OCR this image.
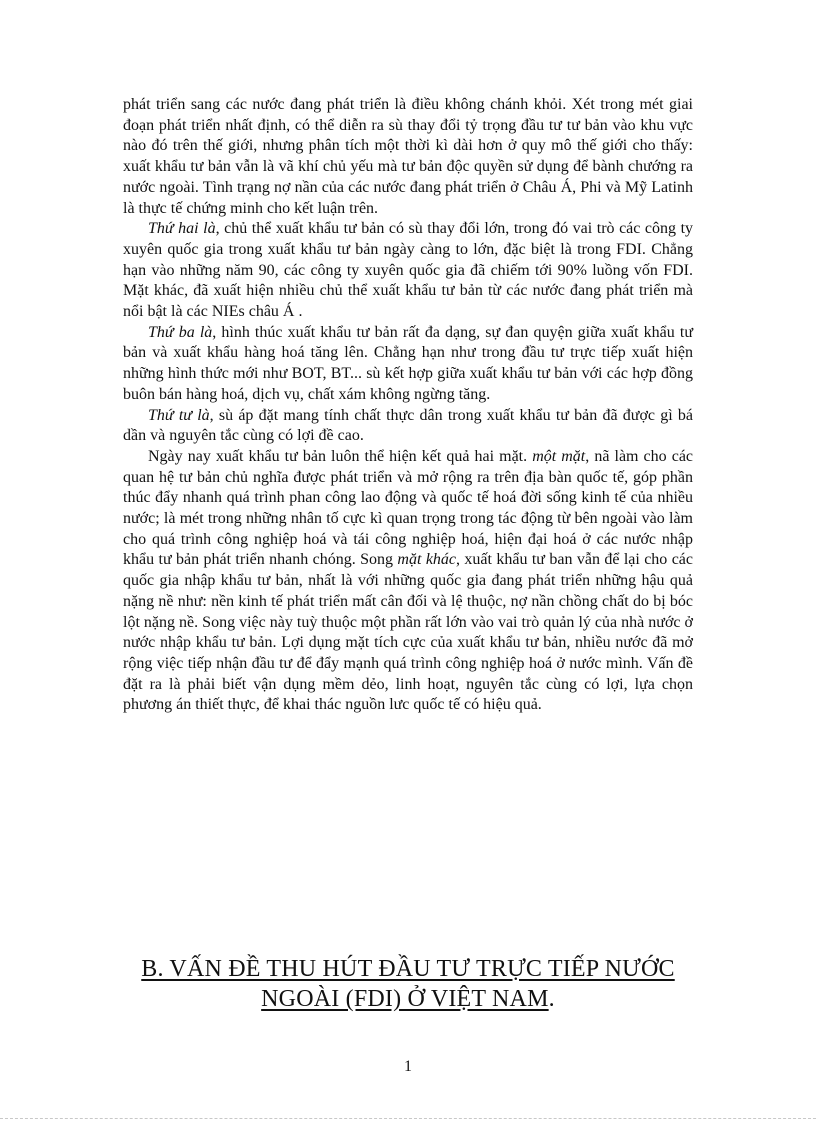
phát triển sang các nước đang phát triển là điều không chánh khỏi. Xét trong mét giai đoạn phát triển nhất định, có thể diễn ra sù thay đổi tỷ trọng đầu tư tư bản vào khu vực nào đó trên thế giới, nhưng phân tích một thời kì dài hơn ở quy mô thế giới cho thấy: xuất khẩu tư bản vẫn là vã khí chủ yếu mà tư bản độc quyền sử dụng để bành chướng ra nước ngoài. Tình trạng nợ nần của các nước đang phát triển ở Châu Á, Phi và Mỹ Latinh là thực tế chứng minh cho kết luận trên.

Thứ hai là, chủ thể xuất khẩu tư bản có sù thay đổi lớn, trong đó vai trò các công ty xuyên quốc gia trong xuất khẩu tư bản ngày càng to lớn, đặc biệt là trong FDI. Chẳng hạn vào những năm 90, các công ty xuyên quốc gia đã chiếm tới 90% luồng vốn FDI. Mặt khác, đã xuất hiện nhiều chủ thể xuất khẩu tư bản từ các nước đang phát triển mà nổi bật là các NIEs châu Á .

Thứ ba là, hình thúc xuất khẩu tư bản rất đa dạng, sự đan quyện giữa xuất khẩu tư bản và xuất khẩu hàng hoá tăng lên. Chẳng hạn như trong đầu tư trực tiếp xuất hiện những hình thức mới như BOT, BT... sù kết hợp giữa xuất khẩu tư bản với các hợp đồng buôn bán hàng hoá, dịch vụ, chất xám không ngừng tăng.

Thứ tư là, sù áp đặt mang tính chất thực dân trong xuất khẩu tư bản đã được gì bá dần và nguyên tắc cùng có lợi đề cao.

Ngày nay xuất khẩu tư bản luôn thể hiện kết quả hai mặt. một mặt, nã làm cho các quan hệ tư bản chủ nghĩa được phát triển và mở rộng ra trên địa bàn quốc tế, góp phần thúc đẩy nhanh quá trình phan công lao động và quốc tế hoá đời sống kinh tế của nhiều nước; là mét trong những nhân tố cực kì quan trọng trong tác động từ bên ngoài vào làm cho quá trình công nghiệp hoá và tái công nghiệp hoá, hiện đại hoá ở các nước nhập khẩu tư bản phát triển nhanh chóng. Song mặt khác, xuất khẩu tư ban vẫn để lại cho các quốc gia nhập khẩu tư bản, nhất là với những quốc gia đang phát triển những hậu quả nặng nề như: nền kinh tế phát triển mất cân đối và lệ thuộc, nợ nần chồng chất do bị bóc lột nặng nề. Song việc này tuỳ thuộc một phần rất lớn vào vai trò quản lý của nhà nước ở nước nhập khẩu tư bản. Lợi dụng mặt tích cực của xuất khẩu tư bản, nhiều nước đã mở rộng việc tiếp nhận đầu tư để đẩy mạnh quá trình công nghiệp hoá ở nước mình. Vấn đề đặt ra là phải biết vận dụng mềm dẻo, linh hoạt, nguyên tắc cùng có lợi, lựa chọn phương án thiết thực, để khai thác nguồn lưc quốc tế có hiệu quả.

B. VẤN ĐỀ THU HÚT ĐẦU TƯ TRỰC TIẾP NƯỚC
NGOÀI (FDI) Ở VIỆT NAM.
1
